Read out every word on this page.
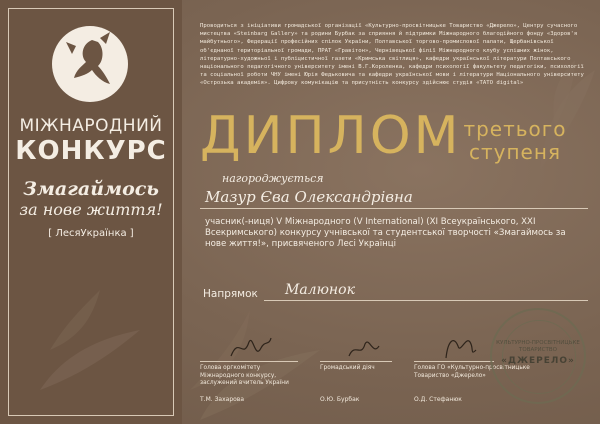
МІЖНАРОДНИЙ
КОНКУРС
Змагаймось
за нове життя!
[ ЛесяУкраїнка ]
Проводиться з ініціативи громадської організації «Культурно-просвітницьке Товариство «Джерело», Центру сучасного мистецтва «Steinbarg Gallery» та родини Бурбак за сприяння й підтримки Міжнародного благодійного фонду «Здоров'я майбутнього», Федерації професійних спілок України, Полтавської торгово-промислової палати, Щербанівської об'єднаної територіальної громади, ПРАТ «Гравітон», Чернівецької філії Міжнародного клубу успішних жінок, літературно-художньої і публіцистичної газети «Кримська світлиця», кафедри української літератури Полтавського національного педагогічного університету імені В.Г.Короленка, кафедри психології факультету педагогіки, психології та соціальної роботи ЧНУ імені Юрія Федьковича та кафедри української мови і літератури Національного університету «Острозька академія». Цифрову комунікацію та присутність конкурсу здійснює студія «TATO digital»
ДИПЛОМ третього
ступеня
нагороджується
Мазур Єва Олександрівна
учасник(-ниця) V Міжнародного (V International) (XI Всеукраїнського, XXI Всекримського) конкурсу учнівської та студентської творчості «Змагаймось за нове життя!», присвяченого Лесі Українці
Напрямок Малюнок
Голова оргкомітету Міжнародного конкурсу, заслужений вчитель України
Громадський діяч	Голова ГО «Культурно-просвітницьке Товариство «Джерело»
Т.М. Захарова	О.Ю. Бурбак	О.Д. Стефанюк
КУЛЬТУРНО-ПРОСВІТНИЦЬКЕ ТОВАРИСТВО
«ДЖЕРЕЛО»
